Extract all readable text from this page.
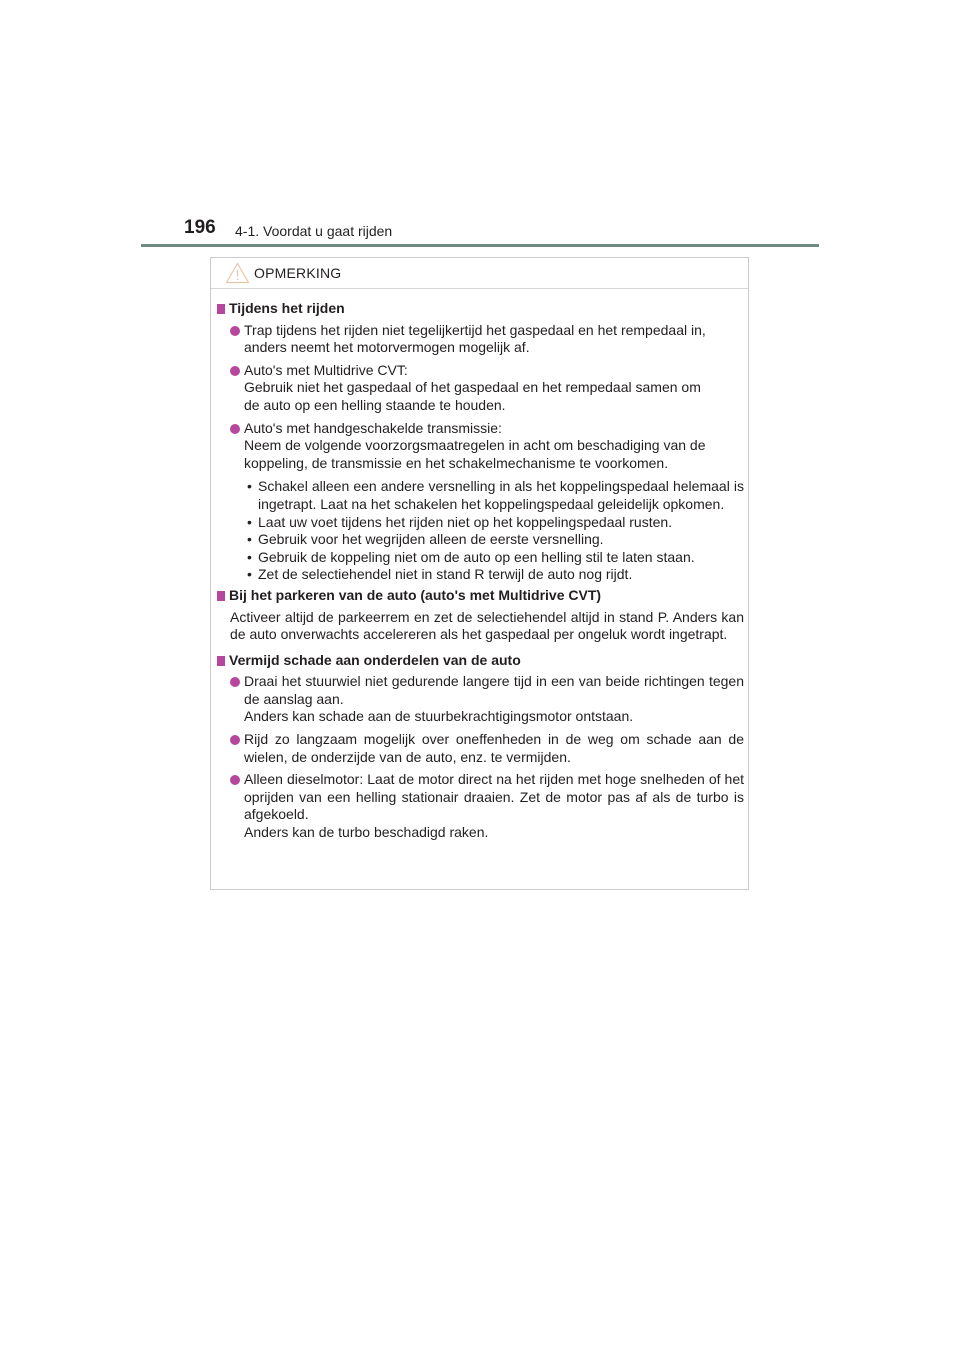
196 4-1. Voordat u gaat rijden
OPMERKING
Tijdens het rijden
Trap tijdens het rijden niet tegelijkertijd het gaspedaal en het rempedaal in,
anders neemt het motorvermogen mogelijk af.
Auto's met Multidrive CVT:
Gebruik niet het gaspedaal of het gaspedaal en het rempedaal samen om
de auto op een helling staande te houden.
Auto's met handgeschakelde transmissie:
Neem de volgende voorzorgsmaatregelen in acht om beschadiging van de
koppeling, de transmissie en het schakelmechanisme te voorkomen.
• Schakel alleen een andere versnelling in als het koppelingspedaal helemaal is ingetrapt. Laat na het schakelen het koppelingspedaal geleidelijk opkomen.
• Laat uw voet tijdens het rijden niet op het koppelingspedaal rusten.
• Gebruik voor het wegrijden alleen de eerste versnelling.
• Gebruik de koppeling niet om de auto op een helling stil te laten staan.
• Zet de selectiehendel niet in stand R terwijl de auto nog rijdt.
Bij het parkeren van de auto (auto's met Multidrive CVT)
Activeer altijd de parkeerrem en zet de selectiehendel altijd in stand P. Anders kan de auto onverwachts accelereren als het gaspedaal per ongeluk wordt ingetrapt.
Vermijd schade aan onderdelen van de auto
Draai het stuurwiel niet gedurende langere tijd in een van beide richtingen tegen de aanslag aan.
Anders kan schade aan de stuurbekrachtigingsmotor ontstaan.
Rijd zo langzaam mogelijk over oneffenheden in de weg om schade aan de wielen, de onderzijde van de auto, enz. te vermijden.
Alleen dieselmotor: Laat de motor direct na het rijden met hoge snelheden of het oprijden van een helling stationair draaien. Zet de motor pas af als de turbo is afgekoeld.
Anders kan de turbo beschadigd raken.
